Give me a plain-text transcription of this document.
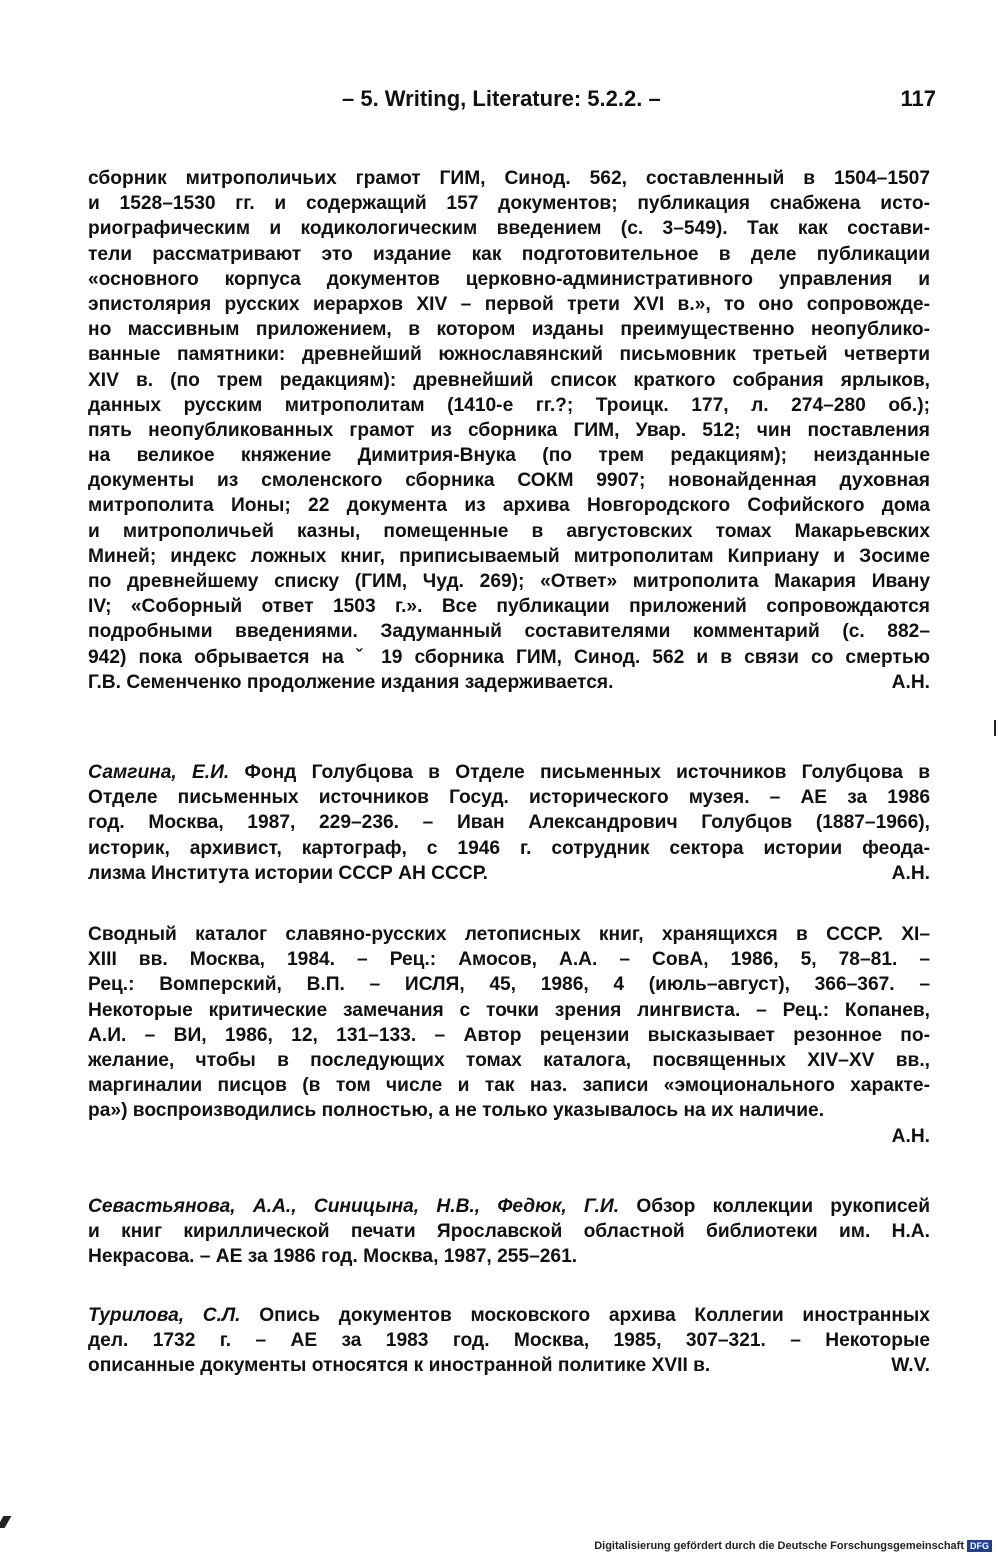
– 5. Writing, Literature: 5.2.2. –	117
сборник митрополичьих грамот ГИМ, Синод. 562, составленный в 1504–1507
и 1528–1530 гг. и содержащий 157 документов; публикация снабжена исто-
риографическим и кодикологическим введением (с. 3–549). Так как состави-
тели рассматривают это издание как подготовительное в деле публикации
«основного корпуса документов церковно-административного управления и
эпистолярия русских иерархов XIV – первой трети XVI в.», то оно сопровожде-
но массивным приложением, в котором изданы преимущественно неопублико-
ванные памятники: древнейший южнославянский письмовник третьей четверти
XIV в. (по трем редакциям): древнейший список краткого собрания ярлыков,
данных русским митрополитам (1410-е гг.?; Троицк. 177, л. 274–280 об.);
пять неопубликованных грамот из сборника ГИМ, Увар. 512; чин поставления
на великое княжение Димитрия-Внука (по трем редакциям); неизданные
документы из смоленского сборника СОКМ 9907; новонайденная духовная
митрополита Ионы; 22 документа из архива Новгородского Софийского дома
и митрополичьей казны, помещенные в августовских томах Макарьевских
Миней; индекс ложных книг, приписываемый митрополитам Киприану и Зосиме
по древнейшему списку (ГИМ, Чуд. 269); «Ответ» митрополита Макария Ивану
IV; «Соборный ответ 1503 г.». Все публикации приложений сопровождаются
подробными введениями. Задуманный составителями комментарий (с. 882–
942) пока обрывается на ˇ 19 сборника ГИМ, Синод. 562 и в связи со смертью
Г.В. Семенченко продолжение издания задерживается.	А.Н.
Самгина, Е.И. Фонд Голубцова в Отделе письменных источников Голубцова в
Отделе письменных источников Госуд. исторического музея. – АЕ за 1986
год. Москва, 1987, 229–236. – Иван Александрович Голубцов (1887–1966),
историк, архивист, картограф, с 1946 г. сотрудник сектора истории феода-
лизма Института истории СССР АН СССР.	А.Н.
Сводный каталог славяно-русских летописных книг, хранящихся в СССР. XI–
XIII вв. Москва, 1984. – Рец.: Амосов, А.А. – СовА, 1986, 5, 78–81. –
Рец.: Вомперский, В.П. – ИСЛЯ, 45, 1986, 4 (июль–август), 366–367. –
Некоторые критические замечания с точки зрения лингвиста. – Рец.: Копанев,
А.И. – ВИ, 1986, 12, 131–133. – Автор рецензии высказывает резонное по-
желание, чтобы в последующих томах каталога, посвященных XIV–XV вв.,
маргиналии писцов (в том числе и так наз. записи «эмоционального характе-
ра») воспроизводились полностью, а не только указывалось на их наличие.
А.Н.
Севастьянова, А.А., Синицына, Н.В., Федюк, Г.И. Обзор коллекции рукописей
и книг кириллической печати Ярославской областной библиотеки им. Н.А.
Некрасова. – АЕ за 1986 год. Москва, 1987, 255–261.
Турилова, С.Л. Опись документов московского архива Коллегии иностранных
дел. 1732 г. – АЕ за 1983 год. Москва, 1985, 307–321. – Некоторые
описанные документы относятся к иностранной политике XVII в.	W.V.
Digitalisierung gefördert durch die Deutsche Forschungsgemeinschaft DFG
